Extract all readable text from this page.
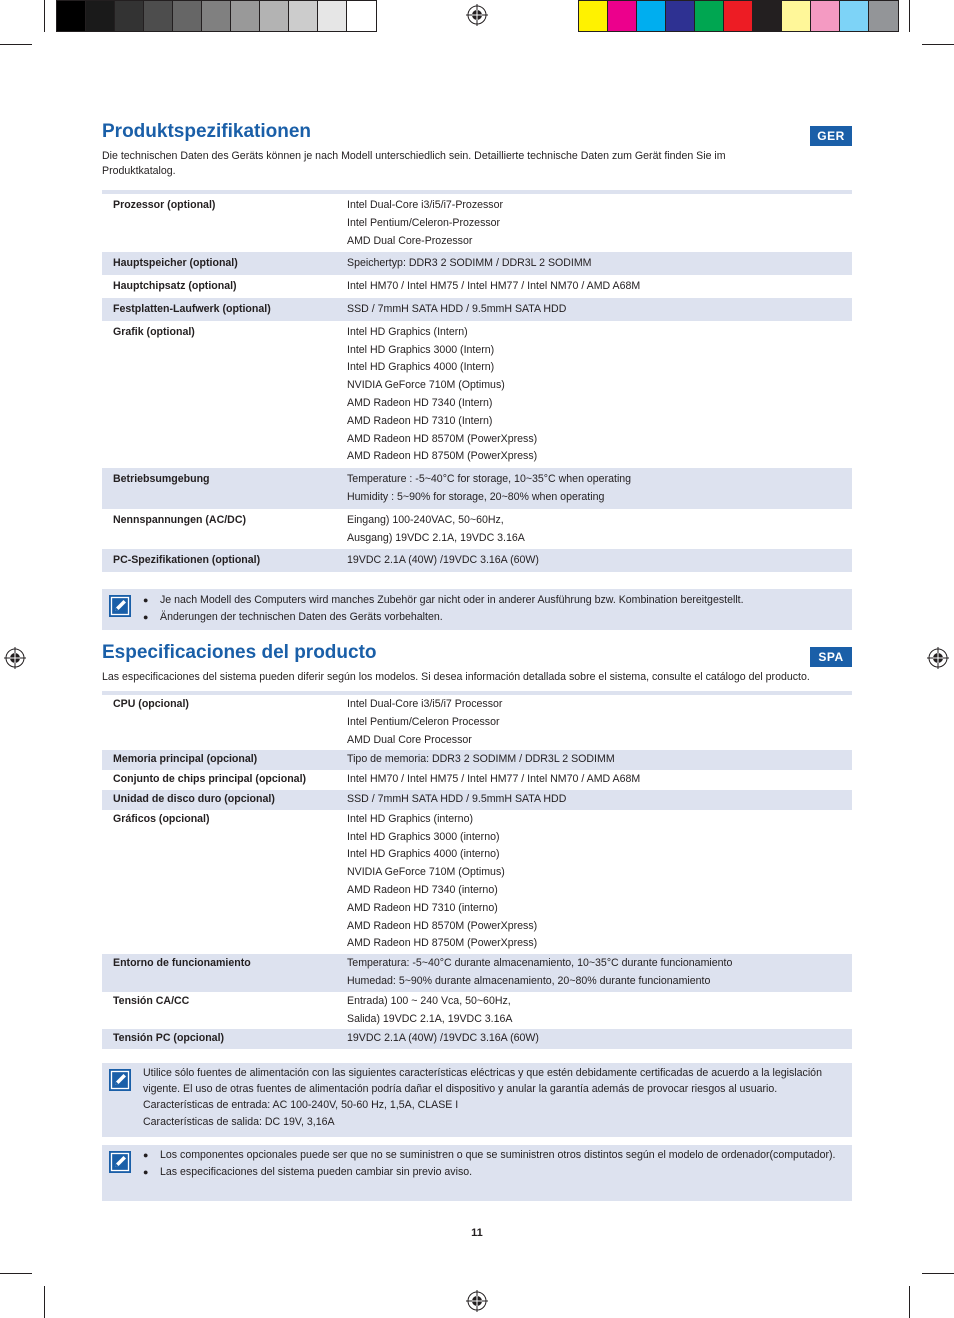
Produktspezifikationen	GER

Die technischen Daten des Geräts können je nach Modell unterschiedlich sein. Detaillierte technische Daten zum Gerät finden Sie im Produktkatalog.

Prozessor (optional)	Intel Dual-Core i3/i5/i7-Prozessor
Intel Pentium/Celeron-Prozessor
AMD Dual Core-Prozessor
Hauptspeicher (optional)	Speichertyp: DDR3 2 SODIMM / DDR3L 2 SODIMM
Hauptchipsatz (optional)	Intel HM70 / Intel HM75 / Intel HM77 / Intel NM70 / AMD A68M
Festplatten-Laufwerk (optional)	SSD / 7mmH SATA HDD / 9.5mmH SATA HDD
Grafik (optional)	Intel HD Graphics (Intern)
Intel HD Graphics 3000 (Intern)
Intel HD Graphics 4000 (Intern)
NVIDIA GeForce 710M (Optimus)
AMD Radeon HD 7340 (Intern)
AMD Radeon HD 7310 (Intern)
AMD Radeon HD 8570M (PowerXpress)
AMD Radeon HD 8750M (PowerXpress)
Betriebsumgebung	Temperature : -5~40°C for storage, 10~35°C when operating
Humidity : 5~90% for storage, 20~80% when operating
Nennspannungen (AC/DC)	Eingang) 100-240VAC, 50~60Hz,
Ausgang) 19VDC 2.1A, 19VDC 3.16A
PC-Spezifikationen (optional)	19VDC 2.1A (40W) /19VDC 3.16A (60W)
● Je nach Modell des Computers wird manches Zubehör gar nicht oder in anderer Ausführung bzw. Kombination bereitgestellt.
● Änderungen der technischen Daten des Geräts vorbehalten.
Especificaciones del producto	SPA

Las especificaciones del sistema pueden diferir según los modelos. Si desea información detallada sobre el sistema, consulte el catálogo del producto.

CPU (opcional)	Intel Dual-Core i3/i5/i7 Processor
Intel Pentium/Celeron Processor
AMD Dual Core Processor
Memoria principal (opcional)	Tipo de memoria: DDR3 2 SODIMM / DDR3L 2 SODIMM
Conjunto de chips principal (opcional)	Intel HM70 / Intel HM75 / Intel HM77 / Intel NM70 / AMD A68M
Unidad de disco duro (opcional)	SSD / 7mmH SATA HDD / 9.5mmH SATA HDD
Gráficos (opcional)	Intel HD Graphics (interno)
Intel HD Graphics 3000 (interno)
Intel HD Graphics 4000 (interno)
NVIDIA GeForce 710M (Optimus)
AMD Radeon HD 7340 (interno)
AMD Radeon HD 7310 (interno)
AMD Radeon HD 8570M (PowerXpress)
AMD Radeon HD 8750M (PowerXpress)
Entorno de funcionamiento	Temperatura: -5~40°C durante almacenamiento, 10~35°C durante funcionamiento
Humedad: 5~90% durante almacenamiento, 20~80% durante funcionamiento
Tensión CA/CC	Entrada) 100 ~ 240 Vca, 50~60Hz,
Salida) 19VDC 2.1A, 19VDC 3.16A
Tensión PC (opcional)	19VDC 2.1A (40W) /19VDC 3.16A (60W)

Utilice sólo fuentes de alimentación con las siguientes características eléctricas y que estén debidamente certificadas de acuerdo a la legislación vigente. El uso de otras fuentes de alimentación podría dañar el dispositivo y anular la garantía además de provocar riesgos al usuario.

Características de entrada: AC 100-240V, 50-60 Hz, 1,5A, CLASE I

Características de salida: DC 19V, 3,16A

● Los componentes opcionales puede ser que no se suministren o que se suministren otros distintos según el modelo de ordenador(computador).
● Las especificaciones del sistema pueden cambiar sin previo aviso.
11
